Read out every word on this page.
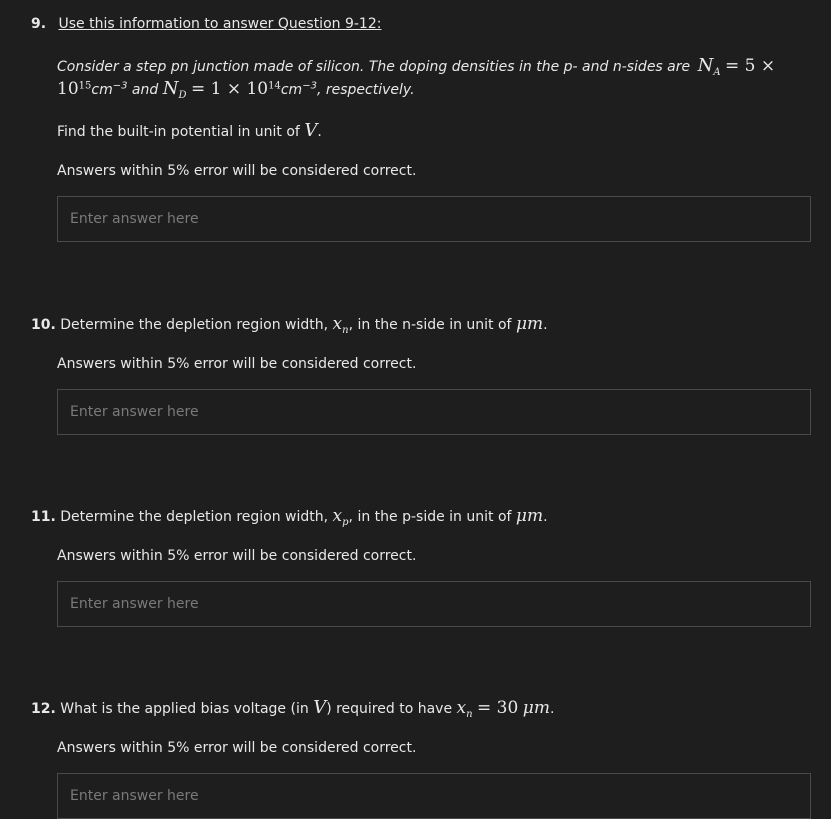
9. Use this information to answer Question 9-12:
Consider a step pn junction made of silicon. The doping densities in the p- and n-sides are $N_A = 5$ ×
$10^{15}cm^{-3}$ and $N_D = 1 \times 10^{14}cm^{-3}$, respectively.
Find the built-in potential in unit of V.
Answers within 5% error will be considered correct.
Enter answer here
10. Determine the depletion region width, $x_n$, in the n-side in unit of μm.
Answers within 5% error will be considered correct.
Enter answer here
11. Determine the depletion region width, $x_p$, in the p-side in unit of μm.
Answers within 5% error will be considered correct.
Enter answer here
12. What is the applied bias voltage (in V) required to have $x_n = 30$ μm.
Answers within 5% error will be considered correct.
Enter answer here
